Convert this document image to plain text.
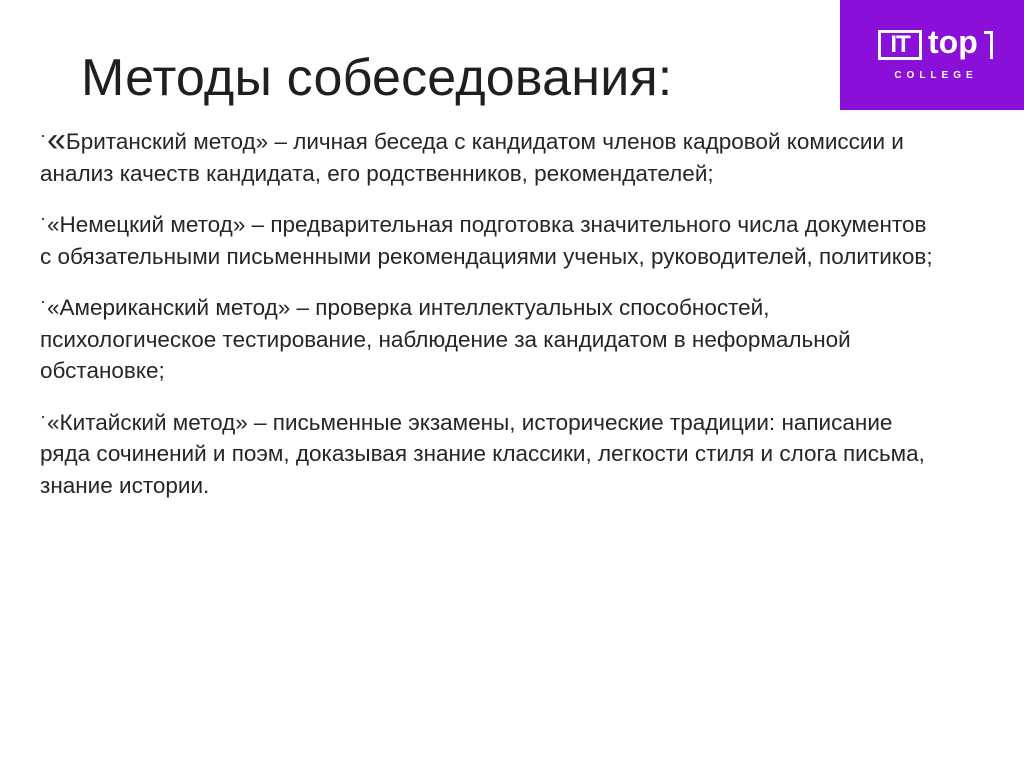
Методы собеседования:
IT top
COLLEGE
·«Британский метод» – личная беседа с кандидатом членов кадровой комиссии и анализ качеств кандидата, его родственников, рекомендателей;
·«Немецкий метод» – предварительная подготовка значительного числа документов с обязательными письменными рекомендациями ученых, руководителей, политиков;
·«Американский метод» – проверка интеллектуальных способностей, психологическое тестирование, наблюдение за кандидатом в неформальной обстановке;
·«Китайский метод» – письменные экзамены, исторические традиции: написание ряда сочинений и поэм, доказывая знание классики, легкости стиля и слога письма, знание истории.
